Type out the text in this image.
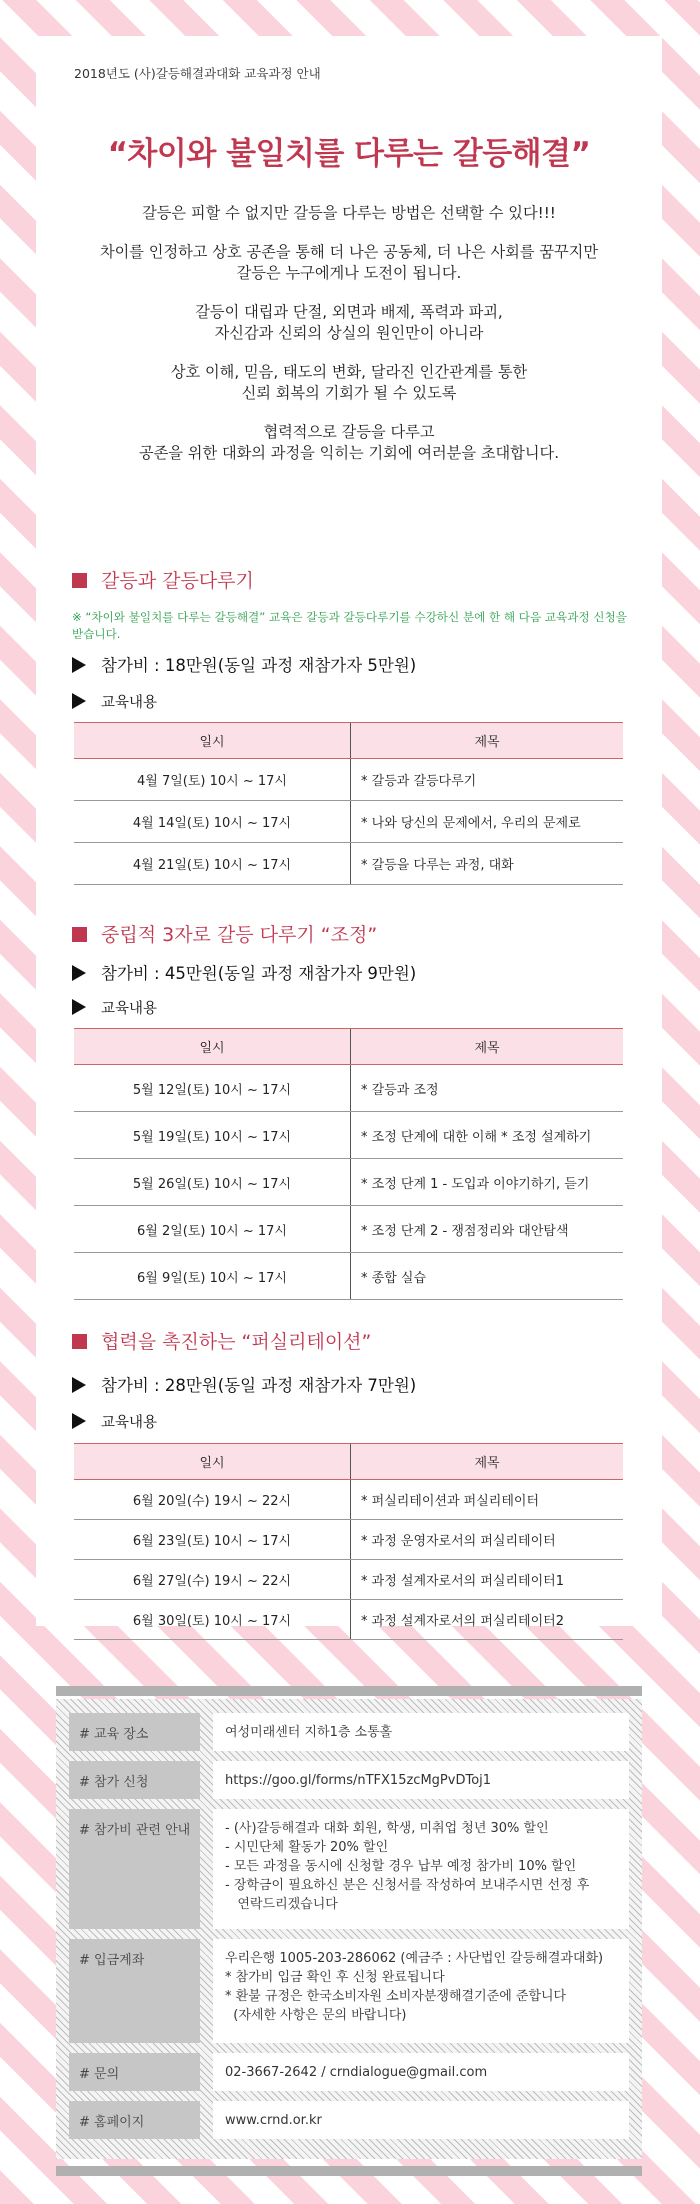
2018년도 (사)갈등해결과대화 교육과정 안내
“차이와 불일치를 다루는 갈등해결”

갈등은 피할 수 없지만 갈등을 다루는 방법은 선택할 수 있다!!!

차이를 인정하고 상호 공존을 통해 더 나은 공동체, 더 나은 사회를 꿈꾸지만
갈등은 누구에게나 도전이 됩니다.

갈등이 대립과 단절, 외면과 배제, 폭력과 파괴,
자신감과 신뢰의 상실의 원인만이 아니라

상호 이해, 믿음, 태도의 변화, 달라진 인간관계를 통한
신뢰 회복의 기회가 될 수 있도록

협력적으로 갈등을 다루고
공존을 위한 대화의 과정을 익히는 기회에 여러분을 초대합니다.

갈등과 갈등다루기
※ “차이와 불일치를 다루는 갈등해결” 교육은 갈등과 갈등다루기를 수강하신 분에 한 해 다음 교육과정 신청을 받습니다.
참가비 : 18만원(동일 과정 재참가자 5만원)
교육내용
일시	제목
4월 7일(토) 10시 ~ 17시	* 갈등과 갈등다루기
4월 14일(토) 10시 ~ 17시	* 나와 당신의 문제에서, 우리의 문제로
4월 21일(토) 10시 ~ 17시	* 갈등을 다루는 과정, 대화
중립적 3자로 갈등 다루기 “조정”
참가비 : 45만원(동일 과정 재참가자 9만원)
교육내용
일시	제목
5월 12일(토) 10시 ~ 17시	* 갈등과 조정
5월 19일(토) 10시 ~ 17시	* 조정 단계에 대한 이해 * 조정 설계하기
5월 26일(토) 10시 ~ 17시	* 조정 단계 1 - 도입과 이야기하기, 듣기
6월 2일(토) 10시 ~ 17시	* 조정 단계 2 - 쟁점정리와 대안탐색
6월 9일(토) 10시 ~ 17시	* 종합 실습
협력을 촉진하는 “퍼실리테이션”
참가비 : 28만원(동일 과정 재참가자 7만원)
교육내용
일시	제목
6월 20일(수) 19시 ~ 22시	* 퍼실리테이션과 퍼실리테이터
6월 23일(토) 10시 ~ 17시	* 과정 운영자로서의 퍼실리테이터
6월 27일(수) 19시 ~ 22시	* 과정 설계자로서의 퍼실리테이터1
6월 30일(토) 10시 ~ 17시	* 과정 설계자로서의 퍼실리테이터2
# 교육 장소	여성미래센터 지하1층 소통홀
# 참가 신청	https://goo.gl/forms/nTFX15zcMgPvDToj1
# 참가비 관련 안내	- (사)갈등해결과 대화 회원, 학생, 미취업 청년 30% 할인
- 시민단체 활동가 20% 할인
- 모든 과정을 동시에 신청할 경우 납부 예정 참가비 10% 할인
- 장학금이 필요하신 분은 신청서를 작성하여 보내주시면 선정 후
연락드리겠습니다
# 입금계좌	우리은행 1005-203-286062 (예금주 : 사단법인 갈등해결과대화)
* 참가비 입금 확인 후 신청 완료됩니다
* 환불 규정은 한국소비자원 소비자분쟁해결기준에 준합니다
(자세한 사항은 문의 바랍니다)
# 문의	02-3667-2642 / crndialogue@gmail.com
# 홈페이지	www.crnd.or.kr
